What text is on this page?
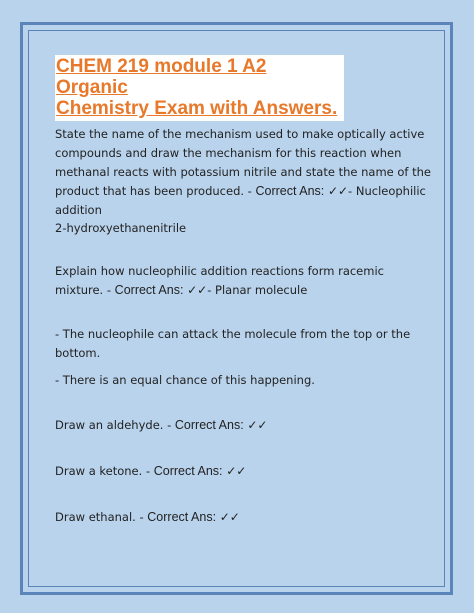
CHEM 219 module 1 A2 Organic
Chemistry Exam with Answers.

State the name of the mechanism used to make optically active compounds and draw the mechanism for this reaction when methanal reacts with potassium nitrile and state the name of the product that has been produced. - Correct Ans: ✓✓- Nucleophilic addition

2-hydroxyethanenitrile

Explain how nucleophilic addition reactions form racemic mixture. - Correct Ans: ✓✓- Planar molecule

- The nucleophile can attack the molecule from the top or the bottom.

- There is an equal chance of this happening.

Draw an aldehyde. - Correct Ans: ✓✓

Draw a ketone. - Correct Ans: ✓✓

Draw ethanal. - Correct Ans: ✓✓
